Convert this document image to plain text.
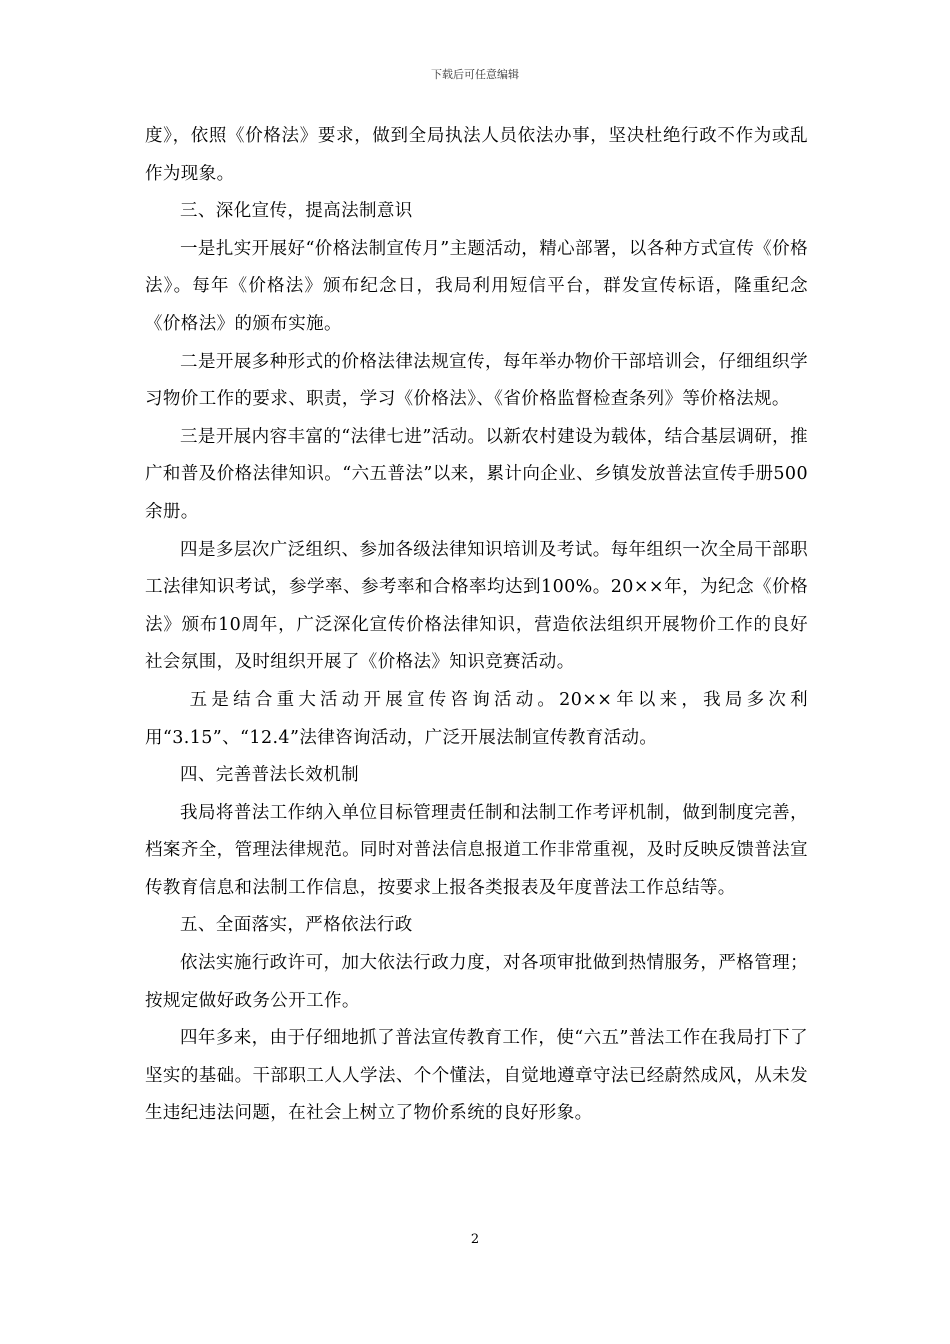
下载后可任意编辑

度》，依照《价格法》要求，做到全局执法人员依法办事，坚决杜绝行政不作为或乱作为现象。

三、深化宣传，提高法制意识

一是扎实开展好“价格法制宣传月”主题活动，精心部署，以各种方式宣传《价格法》。每年《价格法》颁布纪念日，我局利用短信平台，群发宣传标语，隆重纪念《价格法》的颁布实施。

二是开展多种形式的价格法律法规宣传，每年举办物价干部培训会，仔细组织学习物价工作的要求、职责，学习《价格法》、《省价格监督检查条列》等价格法规。

三是开展内容丰富的“法律七进”活动。以新农村建设为载体，结合基层调研，推广和普及价格法律知识。“六五普法”以来，累计向企业、乡镇发放普法宣传手册500余册。

四是多层次广泛组织、参加各级法律知识培训及考试。每年组织一次全局干部职工法律知识考试，参学率、参考率和合格率均达到100%。20××年，为纪念《价格法》颁布10周年，广泛深化宣传价格法律知识，营造依法组织开展物价工作的良好社会氛围，及时组织开展了《价格法》知识竞赛活动。

五是结合重大活动开展宣传咨询活动。20××年以来，我局多次利用“3.15”、“12.4”法律咨询活动，广泛开展法制宣传教育活动。

四、完善普法长效机制

我局将普法工作纳入单位目标管理责任制和法制工作考评机制，做到制度完善，档案齐全，管理法律规范。同时对普法信息报道工作非常重视，及时反映反馈普法宣传教育信息和法制工作信息，按要求上报各类报表及年度普法工作总结等。

五、全面落实，严格依法行政

依法实施行政许可，加大依法行政力度，对各项审批做到热情服务，严格管理；按规定做好政务公开工作。

四年多来，由于仔细地抓了普法宣传教育工作，使“六五”普法工作在我局打下了坚实的基础。干部职工人人学法、个个懂法，自觉地遵章守法已经蔚然成风，从未发生违纪违法问题，在社会上树立了物价系统的良好形象。

2
